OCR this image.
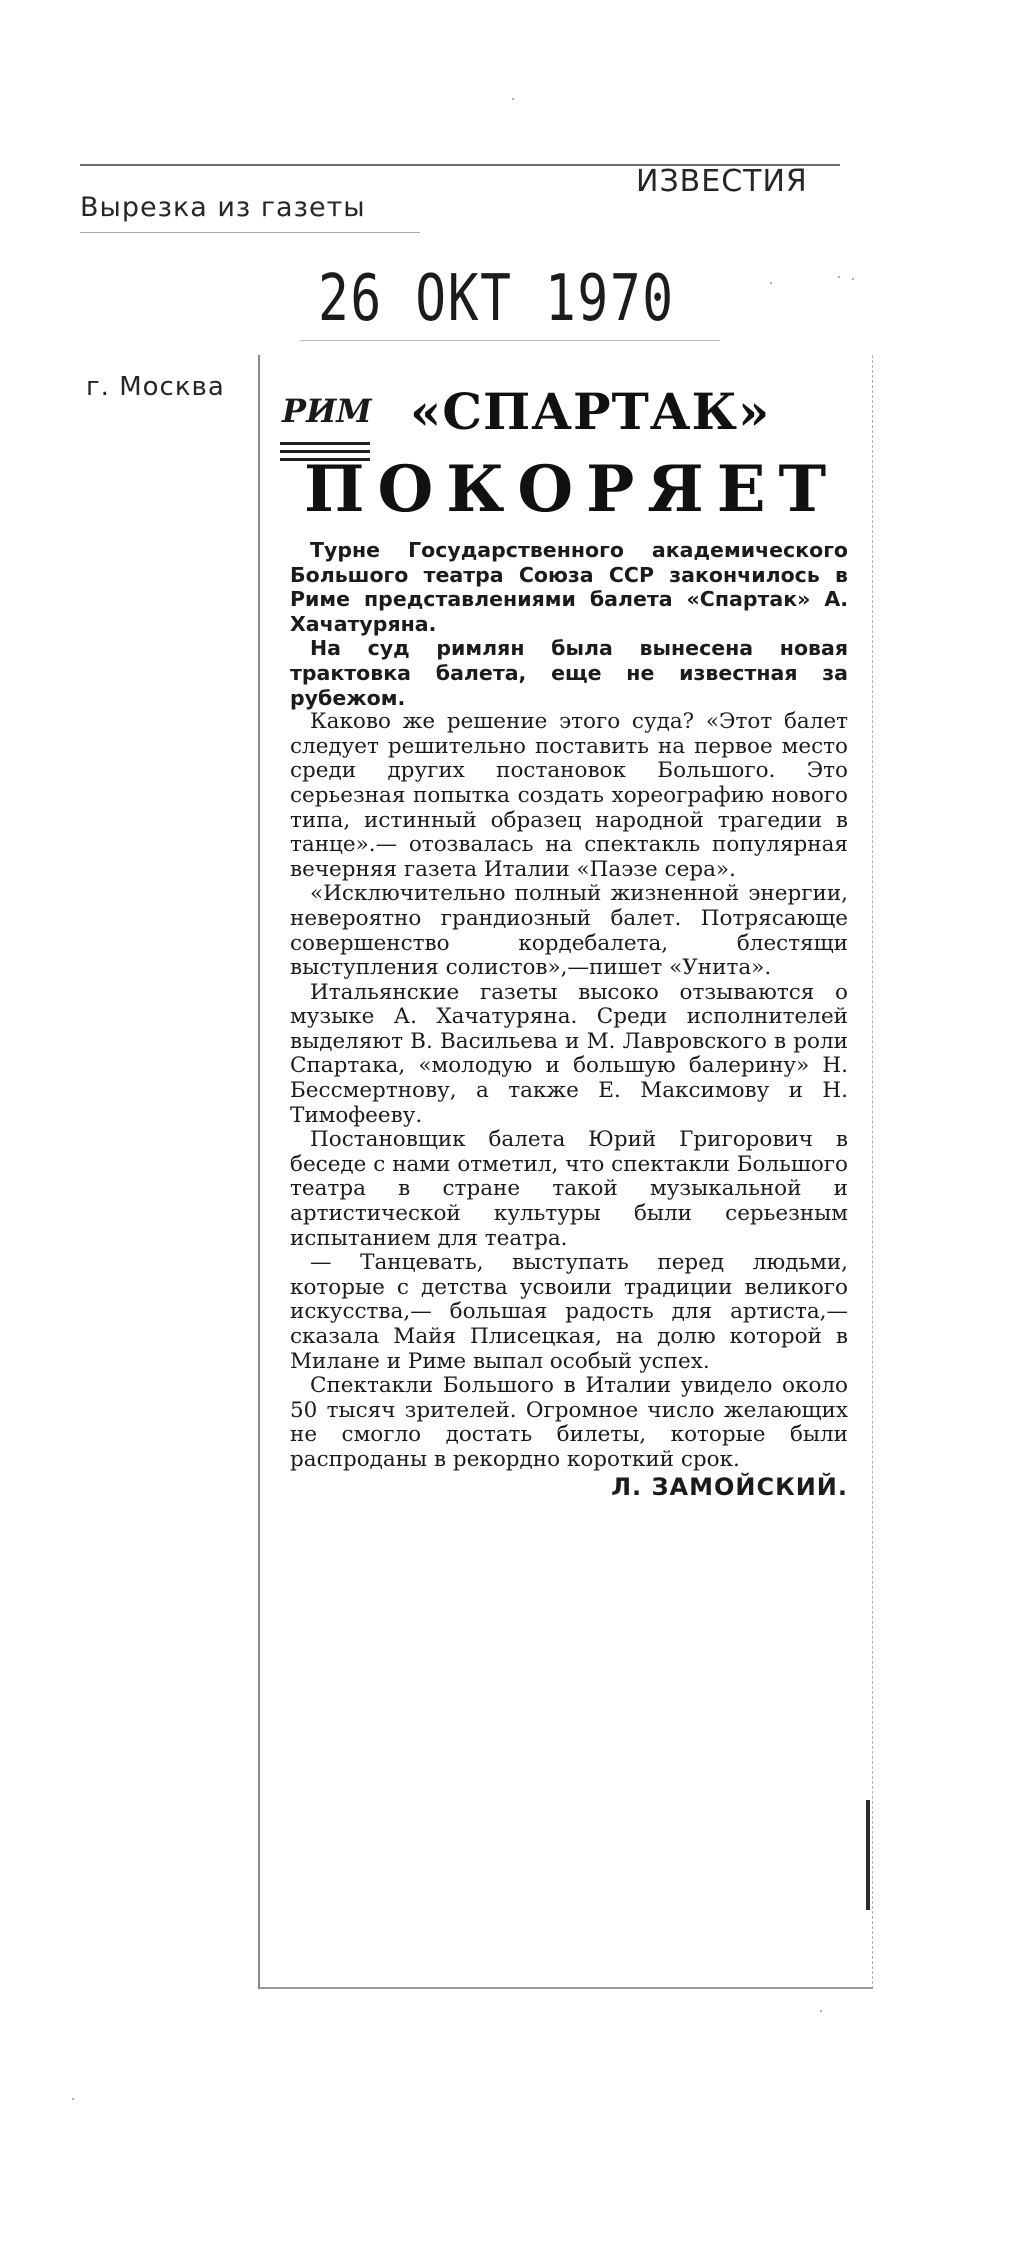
Вырезка из газеты
ИЗВЕСТИЯ
26 ОКТ 1970
г. Москва
РИМ «СПАРТАК»
ПОКОРЯЕТ

Турне Государственного академического Большого театра Союза ССР закончилось в Риме представлениями балета «Спартак» А. Хачатуряна.

На суд римлян была вынесена новая трактовка балета, еще не известная за рубежом.

Каково же решение этого суда? «Этот балет следует решительно поставить на первое место среди других постановок Большого. Это серьезная попытка создать хореографию нового типа, истинный образец народной трагедии в танце».— отозвалась на спектакль популярная вечерняя газета Италии «Паэзе сера».

«Исключительно полный жизненной энергии, невероятно грандиозный балет. Потрясающе совершенство кордебалета, блестящи выступления солистов»,—пишет «Унита».

Итальянские газеты высоко отзываются о музыке А. Хачатуряна. Среди исполнителей выделяют В. Васильева и М. Лавровского в роли Спартака, «молодую и большую балерину» Н. Бессмертнову, а также Е. Максимову и Н. Тимофееву.

Постановщик балета Юрий Григорович в беседе с нами отметил, что спектакли Большого театра в стране такой музыкальной и артистической культуры были серьезным испытанием для театра.

— Танцевать, выступать перед людьми, которые с детства усвоили традиции великого искусства,— большая радость для артиста,— сказала Майя Плисецкая, на долю которой в Милане и Риме выпал особый успех.

Спектакли Большого в Италии увидело около 50 тысяч зрителей. Огромное число желающих не смогло достать билеты, которые были распроданы в рекордно короткий срок.

Л. ЗАМОЙСКИЙ.
